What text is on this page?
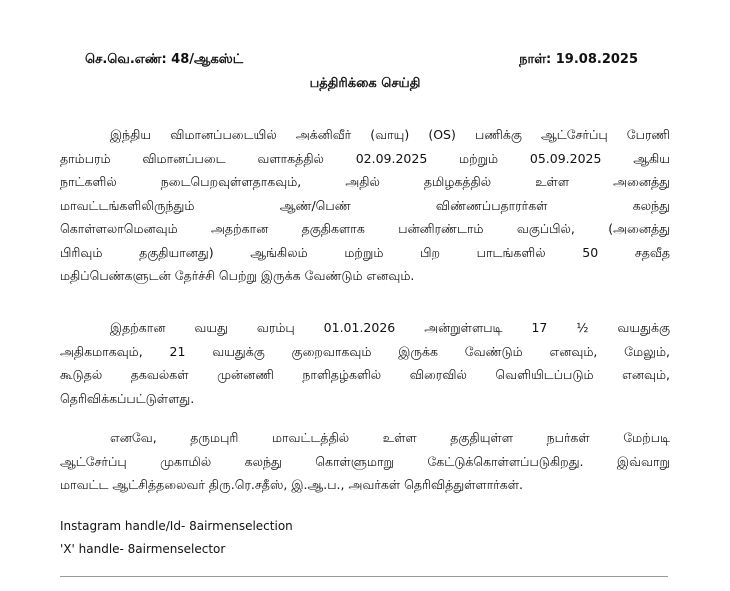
செ.வெ.எண்: 48/ஆகஸ்ட்	நாள்: 19.08.2025
பத்திரிக்கை செய்தி
இந்திய விமானப்படையில் அக்னிவீர் (வாயு) (OS) பணிக்கு ஆட்சேர்ப்பு பேரணி
தாம்பரம் விமானப்படை வளாகத்தில் 02.09.2025 மற்றும் 05.09.2025 ஆகிய
நாட்களில் நடைபெறவுள்ளதாகவும், அதில் தமிழகத்தில் உள்ள அனைத்து
மாவட்டங்களிலிருந்தும் ஆண்/பெண் விண்ணப்பதாரர்கள் கலந்து
கொள்ளலாமெனவும் அதற்கான தகுதிகளாக பன்னிரண்டாம் வகுப்பில், (அனைத்து
பிரிவும் தகுதியானது) ஆங்கிலம் மற்றும் பிற பாடங்களில் 50 சதவீத
மதிப்பெண்களுடன் தேர்ச்சி பெற்று இருக்க வேண்டும் எனவும்.
இதற்கான வயது வரம்பு 01.01.2026 அன்றுள்ளபடி 17 ½ வயதுக்கு
அதிகமாகவும், 21 வயதுக்கு குறைவாகவும் இருக்க வேண்டும் எனவும், மேலும்,
கூடுதல் தகவல்கள் முன்னணி நாளிதழ்களில் விரைவில் வெளியிடப்படும் எனவும்,
தெரிவிக்கப்பட்டுள்ளது.
எனவே, தருமபுரி மாவட்டத்தில் உள்ள தகுதியுள்ள நபர்கள் மேற்படி
ஆட்சேர்ப்பு முகாமில் கலந்து கொள்ளுமாறு கேட்டுக்கொள்ளப்படுகிறது. இவ்வாறு
மாவட்ட ஆட்சித்தலைவர் திரு.ரெ.சதீஸ், இ.ஆ.ப., அவர்கள் தெரிவித்துள்ளார்கள்.
Instagram handle/Id- 8airmenselection
'X' handle- 8airmenselector
